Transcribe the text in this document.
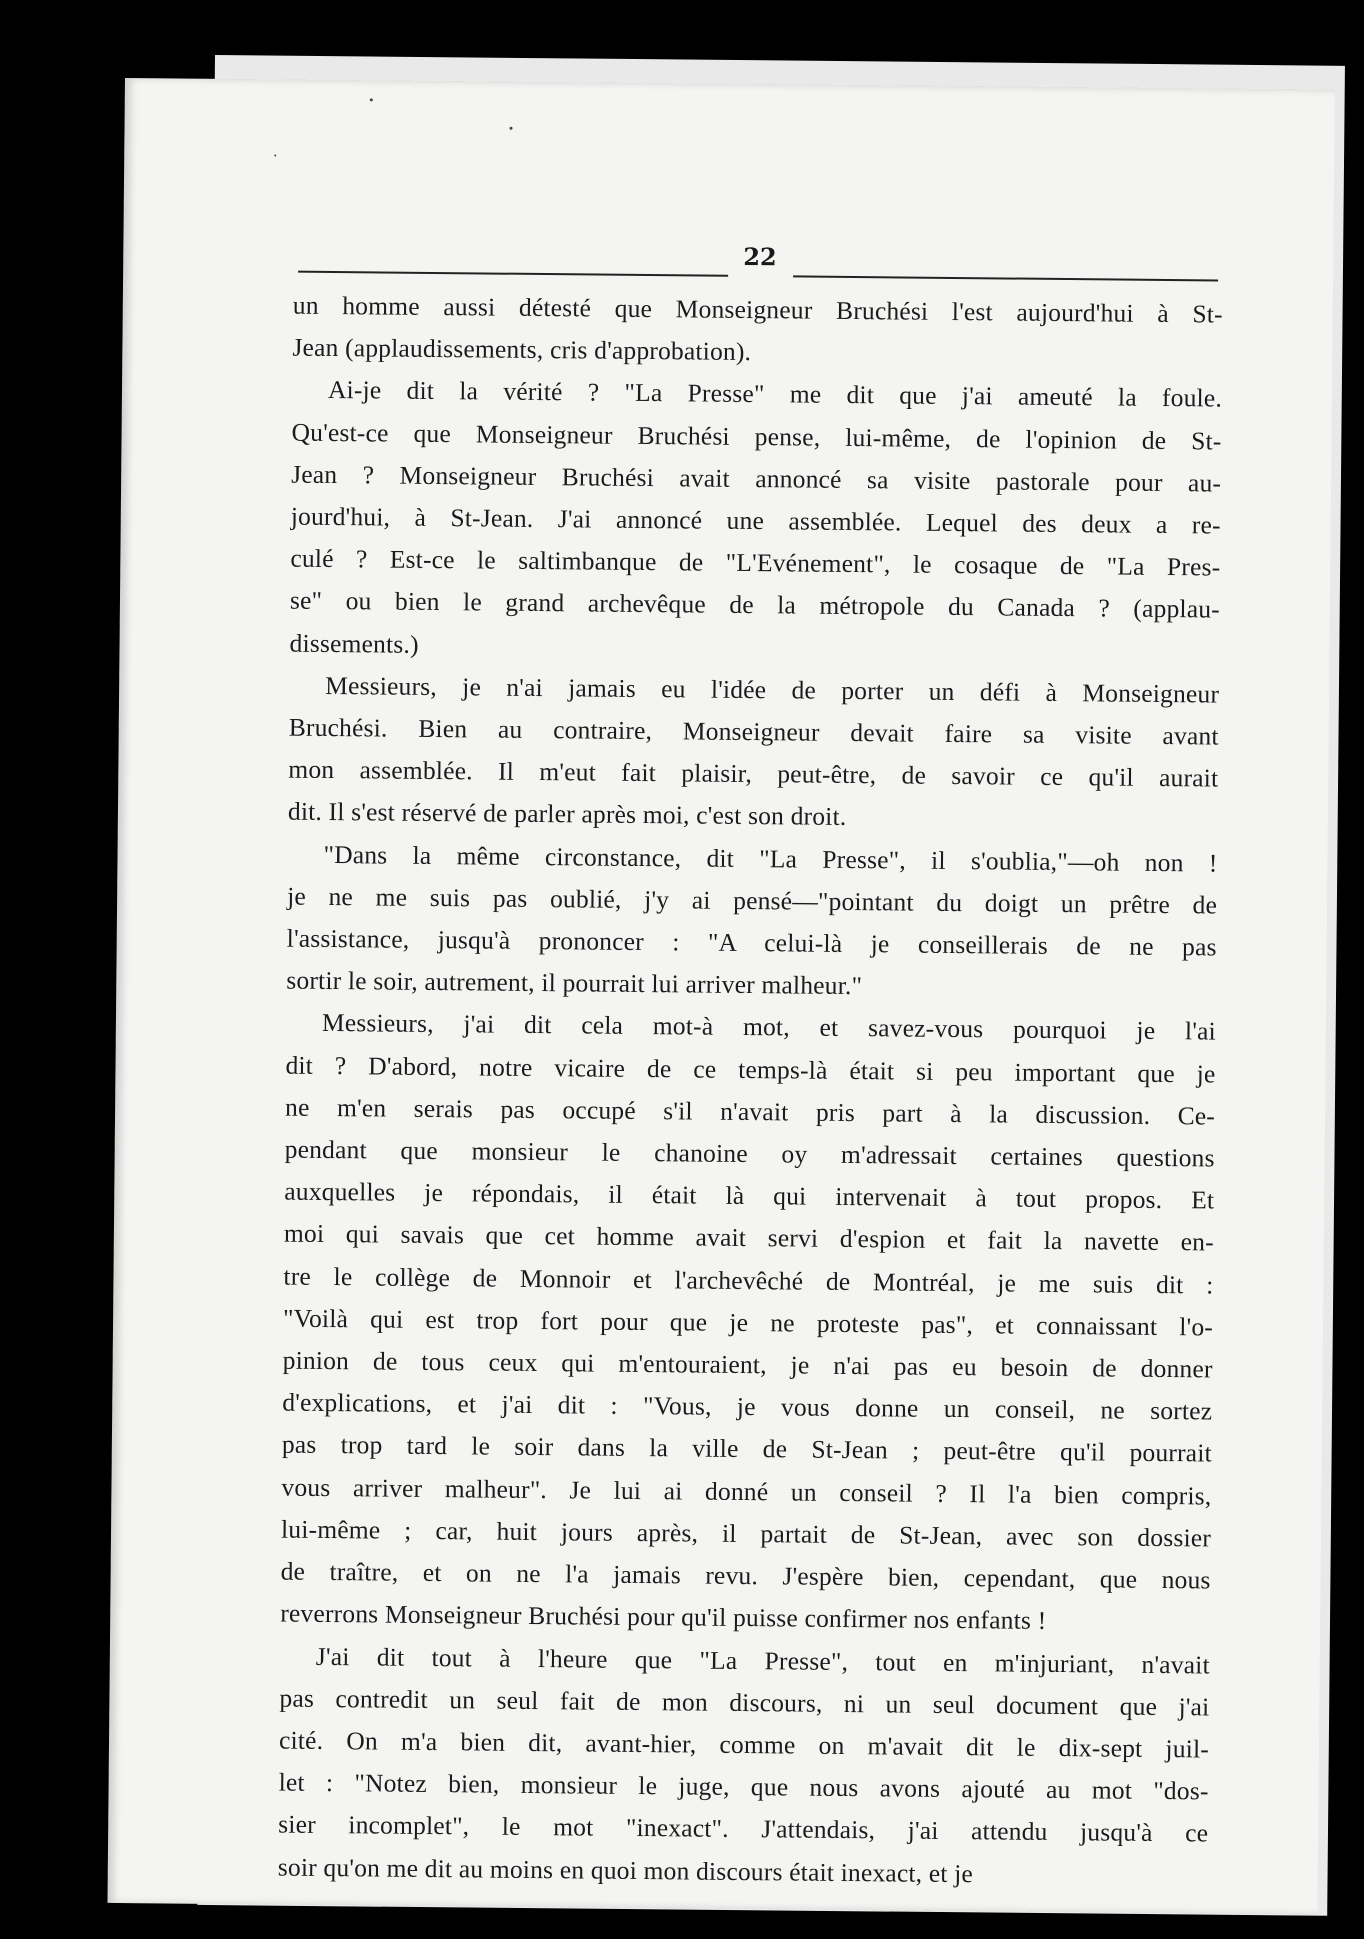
22
un homme aussi détesté que Monseigneur Bruchési l'est aujourd'hui à St-
Jean (applaudissements, cris d'approbation).
Ai-je dit la vérité ? "La Presse" me dit que j'ai ameuté la foule.
Qu'est-ce que Monseigneur Bruchési pense, lui-même, de l'opinion de St-
Jean ? Monseigneur Bruchési avait annoncé sa visite pastorale pour au-
jourd'hui, à St-Jean. J'ai annoncé une assemblée. Lequel des deux a re-
culé ? Est-ce le saltimbanque de "L'Evénement", le cosaque de "La Pres-
se" ou bien le grand archevêque de la métropole du Canada ? (applau-
dissements.)
Messieurs, je n'ai jamais eu l'idée de porter un défi à Monseigneur
Bruchési. Bien au contraire, Monseigneur devait faire sa visite avant
mon assemblée. Il m'eut fait plaisir, peut-être, de savoir ce qu'il aurait
dit. Il s'est réservé de parler après moi, c'est son droit.
"Dans la même circonstance, dit "La Presse", il s'oublia,"—oh non !
je ne me suis pas oublié, j'y ai pensé—"pointant du doigt un prêtre de
l'assistance, jusqu'à prononcer : "A celui-là je conseillerais de ne pas
sortir le soir, autrement, il pourrait lui arriver malheur."
Messieurs, j'ai dit cela mot-à mot, et savez-vous pourquoi je l'ai
dit ? D'abord, notre vicaire de ce temps-là était si peu important que je
ne m'en serais pas occupé s'il n'avait pris part à la discussion. Ce-
pendant que monsieur le chanoine oy m'adressait certaines questions
auxquelles je répondais, il était là qui intervenait à tout propos. Et
moi qui savais que cet homme avait servi d'espion et fait la navette en-
tre le collège de Monnoir et l'archevêché de Montréal, je me suis dit :
"Voilà qui est trop fort pour que je ne proteste pas", et connaissant l'o-
pinion de tous ceux qui m'entouraient, je n'ai pas eu besoin de donner
d'explications, et j'ai dit : "Vous, je vous donne un conseil, ne sortez
pas trop tard le soir dans la ville de St-Jean ; peut-être qu'il pourrait
vous arriver malheur". Je lui ai donné un conseil ? Il l'a bien compris,
lui-même ; car, huit jours après, il partait de St-Jean, avec son dossier
de traître, et on ne l'a jamais revu. J'espère bien, cependant, que nous
reverrons Monseigneur Bruchési pour qu'il puisse confirmer nos enfants !
J'ai dit tout à l'heure que "La Presse", tout en m'injuriant, n'avait
pas contredit un seul fait de mon discours, ni un seul document que j'ai
cité. On m'a bien dit, avant-hier, comme on m'avait dit le dix-sept juil-
let : "Notez bien, monsieur le juge, que nous avons ajouté au mot "dos-
sier incomplet", le mot "inexact". J'attendais, j'ai attendu jusqu'à ce
soir qu'on me dit au moins en quoi mon discours était inexact, et je
